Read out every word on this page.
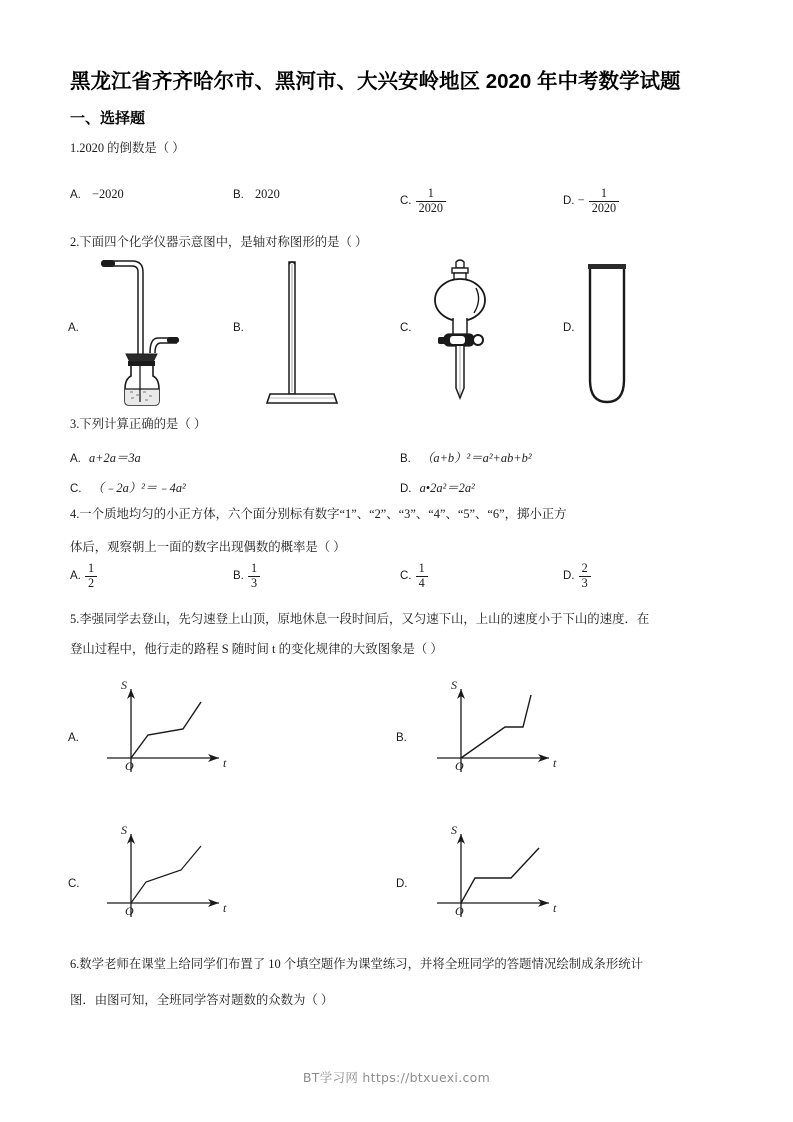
黑龙江省齐齐哈尔市、黑河市、大兴安岭地区 2020 年中考数学试题
一、选择题
1.2020 的倒数是（ ）
A. −2020	B. 2020
C. $\frac{1}{2020}$	D. − $\frac{1}{2020}$
2.下面四个化学仪器示意图中，是轴对称图形的是（ ）
A.	B.	C.	D.
3.下列计算正确的是（ ）
A. a+2a＝3a	B. （a+b）²＝a²+ab+b²
C. （﹣2a）²＝﹣4a²	D. a•2a²＝2a²
4.一个质地均匀的小正方体，六个面分别标有数字“1”、“2”、“3”、“4”、“5”、“6”，掷小正方
体后，观察朝上一面的数字出现偶数的概率是（ ）
A. $\frac{1}{2}$	B. $\frac{1}{3}$	C. $\frac{1}{4}$	D. $\frac{2}{3}$
5.李强同学去登山，先匀速登上山顶，原地休息一段时间后，又匀速下山，上山的速度小于下山的速度．在
登山过程中，他行走的路程 S 随时间 t 的变化规律的大致图象是（ ）
A.
S
t
O
B.
S
t
O
C.
S
t
O
D.
S
t
O
6.数学老师在课堂上给同学们布置了 10 个填空题作为课堂练习，并将全班同学的答题情况绘制成条形统计
图．由图可知，全班同学答对题数的众数为（ ）
BT学习网 https://btxuexi.com
